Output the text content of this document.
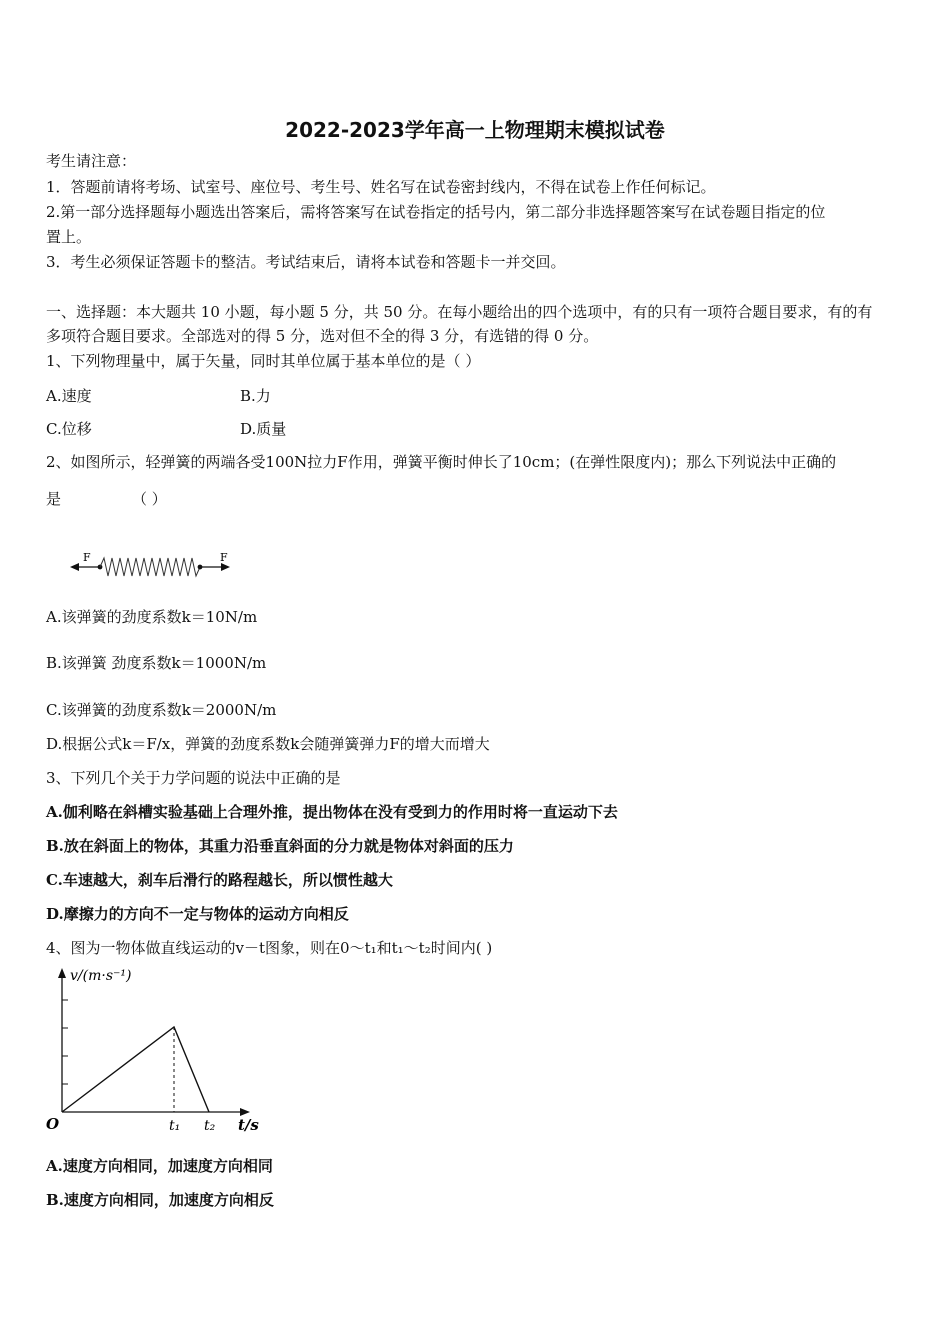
2022-2023学年高一上物理期末模拟试卷
考生请注意：
1．答题前请将考场、试室号、座位号、考生号、姓名写在试卷密封线内，不得在试卷上作任何标记。
2.第一部分选择题每小题选出答案后，需将答案写在试卷指定的括号内，第二部分非选择题答案写在试卷题目指定的位
置上。
3．考生必须保证答题卡的整洁。考试结束后，请将本试卷和答题卡一并交回。
一、选择题：本大题共 10 小题，每小题 5 分，共 50 分。在每小题给出的四个选项中，有的只有一项符合题目要求，有的有
多项符合题目要求。全部选对的得 5 分，选对但不全的得 3 分，有选错的得 0 分。
1、下列物理量中，属于矢量，同时其单位属于基本单位的是（ ）
A.速度	B.力
C.位移	D.质量
2、如图所示，轻弹簧的两端各受100N拉力F作用，弹簧平衡时伸长了10cm；(在弹性限度内)；那么下列说法中正确的
是	（ ）
F	F
A.该弹簧的劲度系数k＝10N/m
B.该弹簧 劲度系数k＝1000N/m
C.该弹簧的劲度系数k＝2000N/m
D.根据公式k＝F/x，弹簧的劲度系数k会随弹簧弹力F的增大而增大
3、下列几个关于力学问题的说法中正确的是
A.伽利略在斜槽实验基础上合理外推，提出物体在没有受到力的作用时将一直运动下去
B.放在斜面上的物体，其重力沿垂直斜面的分力就是物体对斜面的压力
C.车速越大，刹车后滑行的路程越长，所以惯性越大
D.摩擦力的方向不一定与物体的运动方向相反
4、图为一物体做直线运动的v－t图象，则在0～t₁和t₁～t₂时间内( )
v/(m·s⁻¹)
O	t₁ t₂ t/s
A.速度方向相同，加速度方向相同
B.速度方向相同，加速度方向相反
